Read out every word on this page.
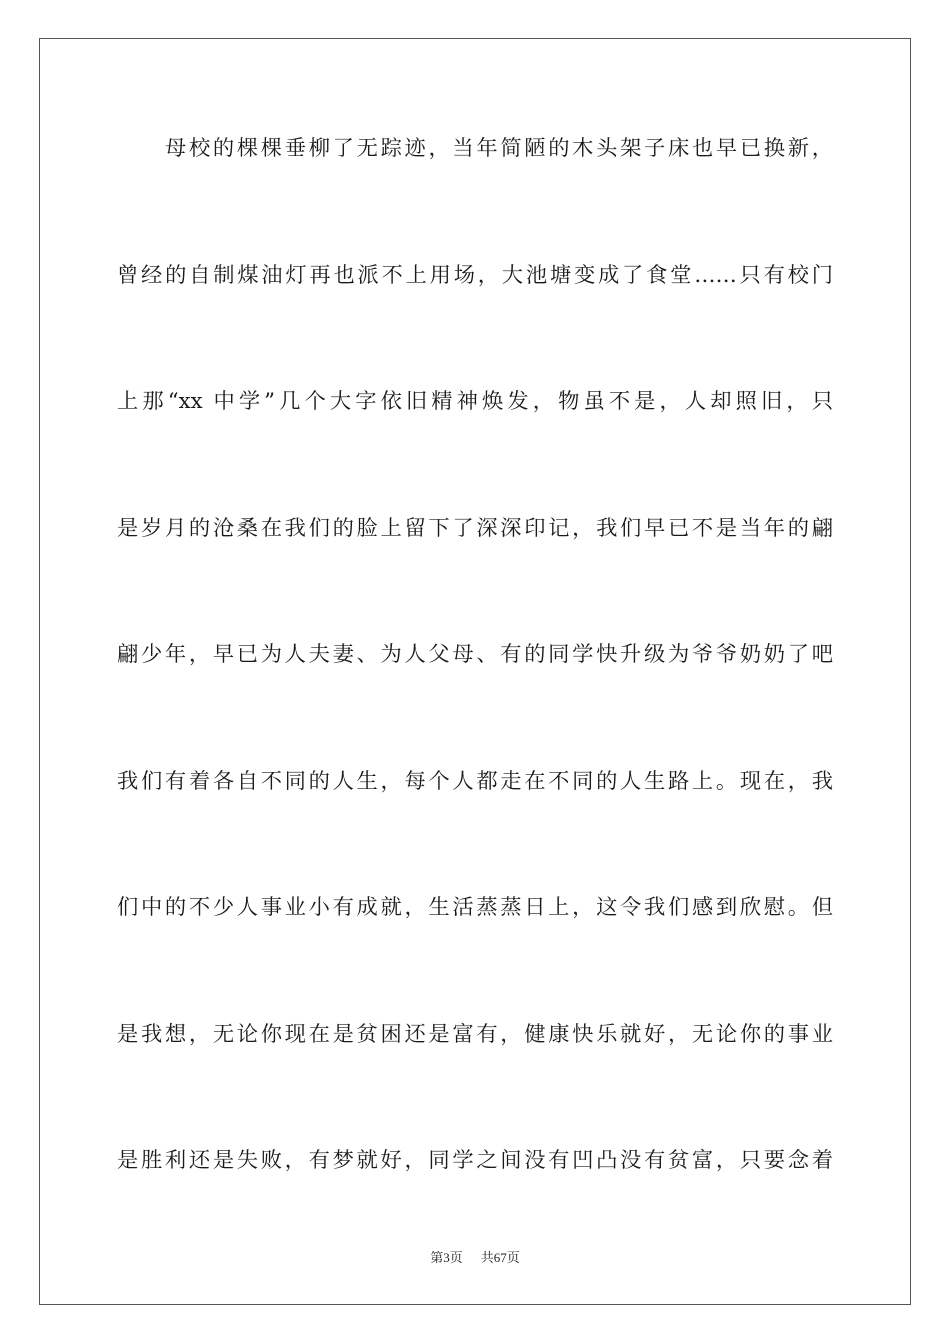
母校的棵棵垂柳了无踪迹，当年简陋的木头架子床也早已换新，
曾经的自制煤油灯再也派不上用场，大池塘变成了食堂……只有校门
上那“xx 中学”几个大字依旧精神焕发，物虽不是，人却照旧，只
是岁月的沧桑在我们的脸上留下了深深印记，我们早已不是当年的翩
翩少年，早已为人夫妻、为人父母、有的同学快升级为爷爷奶奶了吧
我们有着各自不同的人生，每个人都走在不同的人生路上。现在，我
们中的不少人事业小有成就，生活蒸蒸日上，这令我们感到欣慰。但
是我想，无论你现在是贫困还是富有，健康快乐就好，无论你的事业
是胜利还是失败，有梦就好，同学之间没有凹凸没有贫富，只要念着
第3页 共67页
